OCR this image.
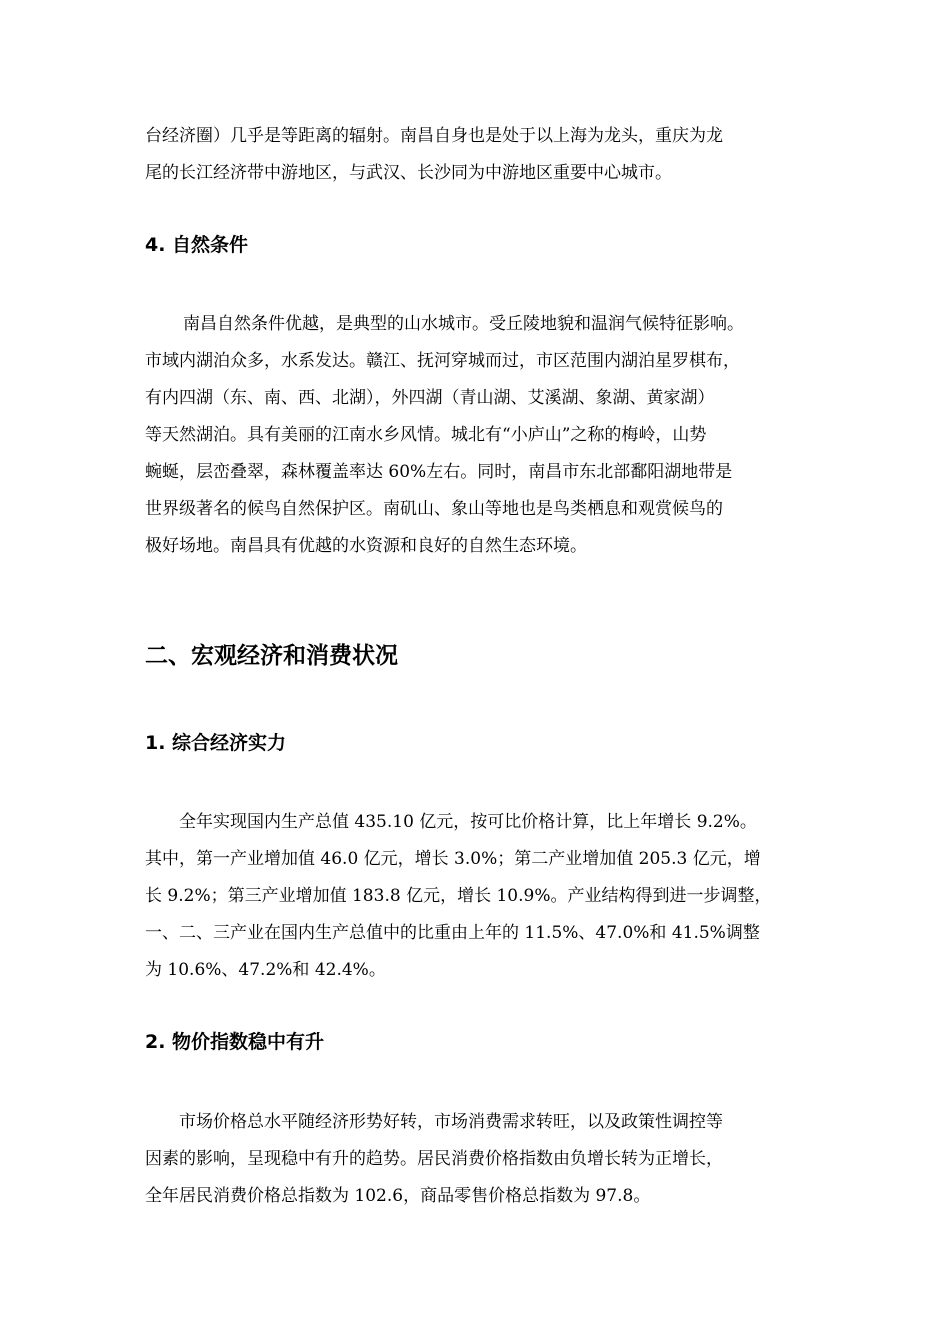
台经济圈）几乎是等距离的辐射。南昌自身也是处于以上海为龙头，重庆为龙
尾的长江经济带中游地区，与武汉、长沙同为中游地区重要中心城市。

4. 自然条件

南昌自然条件优越，是典型的山水城市。受丘陵地貌和温润气候特征影响。
市域内湖泊众多，水系发达。赣江、抚河穿城而过，市区范围内湖泊星罗棋布，
有内四湖（东、南、西、北湖），外四湖（青山湖、艾溪湖、象湖、黄家湖）
等天然湖泊。具有美丽的江南水乡风情。城北有“小庐山”之称的梅岭，山势
蜿蜒，层峦叠翠，森林覆盖率达 60%左右。同时，南昌市东北部鄱阳湖地带是
世界级著名的候鸟自然保护区。南矶山、象山等地也是鸟类栖息和观赏候鸟的
极好场地。南昌具有优越的水资源和良好的自然生态环境。

二、宏观经济和消费状况
1. 综合经济实力

全年实现国内生产总值 435.10 亿元，按可比价格计算，比上年增长 9.2%。
其中，第一产业增加值 46.0 亿元，增长 3.0%；第二产业增加值 205.3 亿元，增
长 9.2%；第三产业增加值 183.8 亿元，增长 10.9%。产业结构得到进一步调整，
一、二、三产业在国内生产总值中的比重由上年的 11.5%、47.0%和 41.5%调整
为 10.6%、47.2%和 42.4%。

2. 物价指数稳中有升

市场价格总水平随经济形势好转，市场消费需求转旺，以及政策性调控等
因素的影响，呈现稳中有升的趋势。居民消费价格指数由负增长转为正增长，
全年居民消费价格总指数为 102.6，商品零售价格总指数为 97.8。
